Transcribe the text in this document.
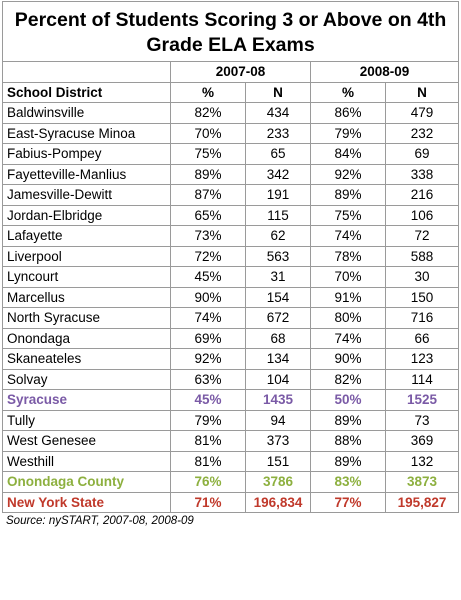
Percent of Students Scoring 3 or Above on 4th Grade ELA Exams				
	2007-08		2008-09	
School District	%	N	%	N
Baldwinsville	82%	434	86%	479
East-Syracuse Minoa	70%	233	79%	232
Fabius-Pompey	75%	65	84%	69
Fayetteville-Manlius	89%	342	92%	338
Jamesville-Dewitt	87%	191	89%	216
Jordan-Elbridge	65%	115	75%	106
Lafayette	73%	62	74%	72
Liverpool	72%	563	78%	588
Lyncourt	45%	31	70%	30
Marcellus	90%	154	91%	150
North Syracuse	74%	672	80%	716
Onondaga	69%	68	74%	66
Skaneateles	92%	134	90%	123
Solvay	63%	104	82%	114
Syracuse	45%	1435	50%	1525
Tully	79%	94	89%	73
West Genesee	81%	373	88%	369
Westhill	81%	151	89%	132
Onondaga County	76%	3786	83%	3873
New York State	71%	196,834	77%	195,827
Source: nySTART, 2007-08, 2008-09
